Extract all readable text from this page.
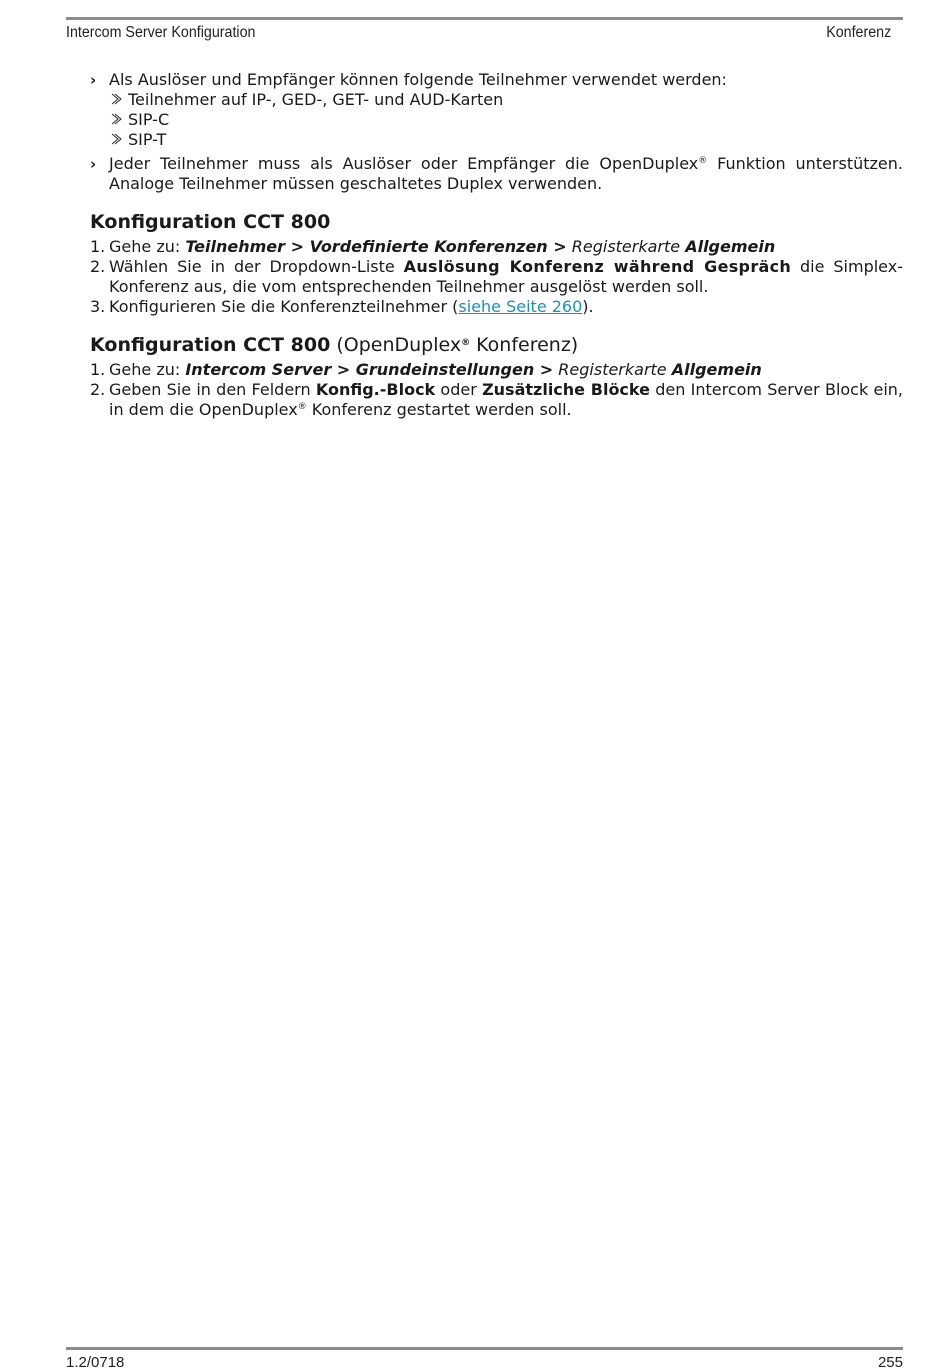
Intercom Server Konfiguration	Konferenz
› Als Auslöser und Empfänger können folgende Teilnehmer verwendet werden:
Teilnehmer auf IP-, GED-, GET- und AUD-Karten
SIP-C
SIP-T
› Jeder Teilnehmer muss als Auslöser oder Empfänger die OpenDuplex® Funktion unterstützen. Analoge Teilnehmer müssen geschaltetes Duplex verwenden.
Konfiguration CCT 800
1. Gehe zu: Teilnehmer > Vordefinierte Konferenzen > Registerkarte Allgemein
2. Wählen Sie in der Dropdown-Liste Auslösung Konferenz während Gespräch die Simplex-Konferenz aus, die vom entsprechenden Teilnehmer ausgelöst werden soll.
3. Konfigurieren Sie die Konferenzteilnehmer (siehe Seite 260).
Konfiguration CCT 800 (OpenDuplex® Konferenz)
1. Gehe zu: Intercom Server > Grundeinstellungen > Registerkarte Allgemein
2. Geben Sie in den Feldern Konfig.-Block oder Zusätzliche Blöcke den Intercom Server Block ein, in dem die OpenDuplex® Konferenz gestartet werden soll.
1.2/0718	255
